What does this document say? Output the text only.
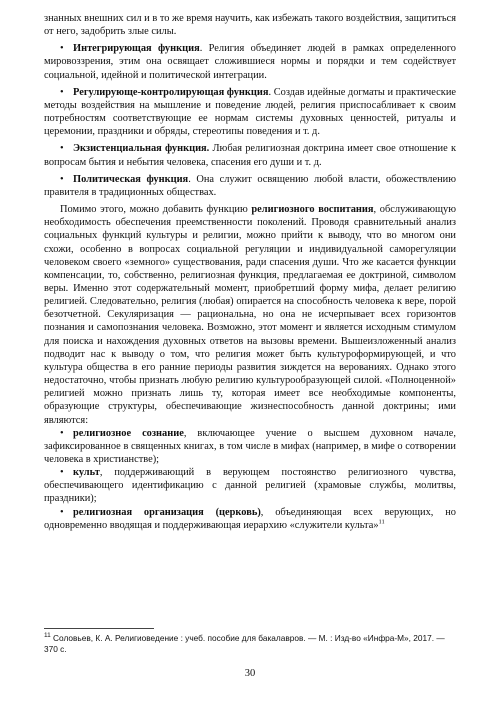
знанных внешних сил и в то же время научить, как избежать такого воздействия, защититься от него, задобрить злые силы.

• Интегрирующая функция. Религия объединяет людей в рамках определенного мировоззрения, этим она освящает сложившиеся нормы и порядки и тем содействует социальной, идейной и политической интеграции.

• Регулирующе-контролирующая функция. Создав идейные догматы и практические методы воздействия на мышление и поведение людей, религия приспосабливает к своим потребностям соответствующие ее нормам системы духовных ценностей, ритуалы и церемонии, праздники и обряды, стереотипы поведения и т. д.

• Экзистенциальная функция. Любая религиозная доктрина имеет свое отношение к вопросам бытия и небытия человека, спасения его души и т. д.

• Политическая функция. Она служит освящению любой власти, обожествлению правителя в традиционных обществах.

Помимо этого, можно добавить функцию религиозного воспитания, обслуживающую необходимость обеспечения преемственности поколений. Проводя сравнительный анализ социальных функций культуры и религии, можно прийти к выводу, что во многом они схожи, особенно в вопросах социальной регуляции и индивидуальной саморегуляции человеком своего «земного» существования, ради спасения души. Что же касается функции компенсации, то, собственно, религиозная функция, предлагаемая ее доктриной, символом веры. Именно этот содержательный момент, приобретший форму мифа, делает религию религией. Следовательно, религия (любая) опирается на способность человека к вере, порой безотчетной. Секуляризация — рациональна, но она не исчерпывает всех горизонтов познания и самопознания человека. Возможно, этот момент и является исходным стимулом для поиска и нахождения духовных ответов на вызовы времени. Вышеизложенный анализ подводит нас к выводу о том, что религия может быть культуроформирующей, и что культура общества в его ранние периоды развития зиждется на верованиях. Однако этого недостаточно, чтобы признать любую религию культурообразующей силой. «Полноценной» религией можно признать лишь ту, которая имеет все необходимые компоненты, образующие структуры, обеспечивающие жизнеспособность данной доктрины; ими являются:

• религиозное сознание, включающее учение о высшем духовном начале, зафиксированное в священных книгах, в том числе в мифах (например, в мифе о сотворении человека в христианстве);

• культ, поддерживающий в верующем постоянство религиозного чувства, обеспечивающего идентификацию с данной религией (храмовые службы, молитвы, праздники);

• религиозная организация (церковь), объединяющая всех верующих, но одновременно вводящая и поддерживающая иерархию «служители культа»$^{11}$

$^{11}$ Соловьев, К. А. Религиоведение : учеб. пособие для бакалавров. — М. : Изд-во «Инфра-М», 2017. — 370 с.
30
